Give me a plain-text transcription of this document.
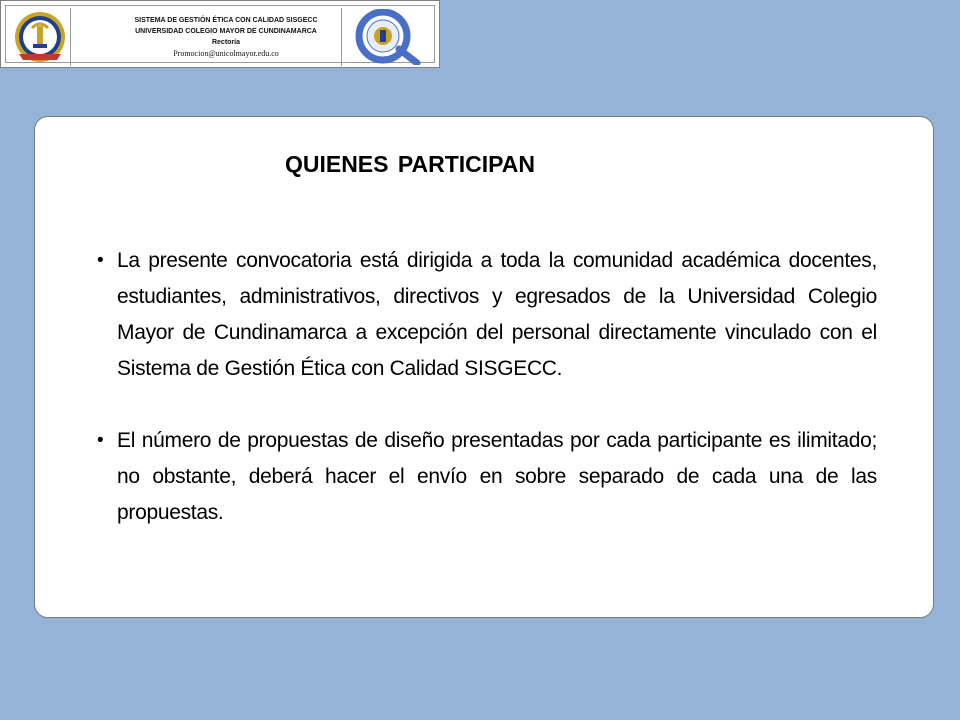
SISTEMA DE GESTIÓN ÉTICA CON CALIDAD SISGECC
UNIVERSIDAD COLEGIO MAYOR DE CUNDINAMARCA
Rectoría
Promocion@unicolmayor.edu.co
QUIENES PARTICIPAN
• La presente convocatoria está dirigida a toda la comunidad académica docentes, estudiantes, administrativos, directivos y egresados de la Universidad Colegio Mayor de Cundinamarca a excepción del personal directamente vinculado con el Sistema de Gestión Ética con Calidad SISGECC.
• El número de propuestas de diseño presentadas por cada participante es ilimitado; no obstante, deberá hacer el envío en sobre separado de cada una de las propuestas.
